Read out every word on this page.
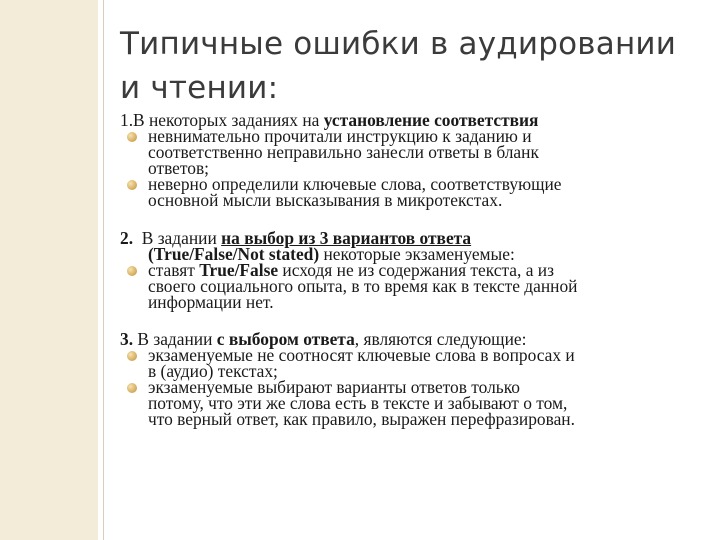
Типичные ошибки в аудировании
и чтении:

1.В некоторых заданиях на установление соответствия

невнимательно прочитали инструкцию к заданию и
соответственно неправильно занесли ответы в бланк
ответов;
неверно определили ключевые слова, соответствующие
основной мысли высказывания в микротекстах.

2.  В задании на выбор из 3 вариантов ответа

(True/False/Not stated) некоторые экзаменуемые:

ставят True/False исходя не из содержания текста, а из
своего социального опыта, в то время как в тексте данной
информации нет.

3. В задании с выбором ответа, являются следующие:

экзаменуемые не соотносят ключевые слова в вопросах и
в (аудио) текстах;
экзаменуемые выбирают варианты ответов только
потому, что эти же слова есть в тексте и забывают о том,
что верный ответ, как правило, выражен перефразирован.
